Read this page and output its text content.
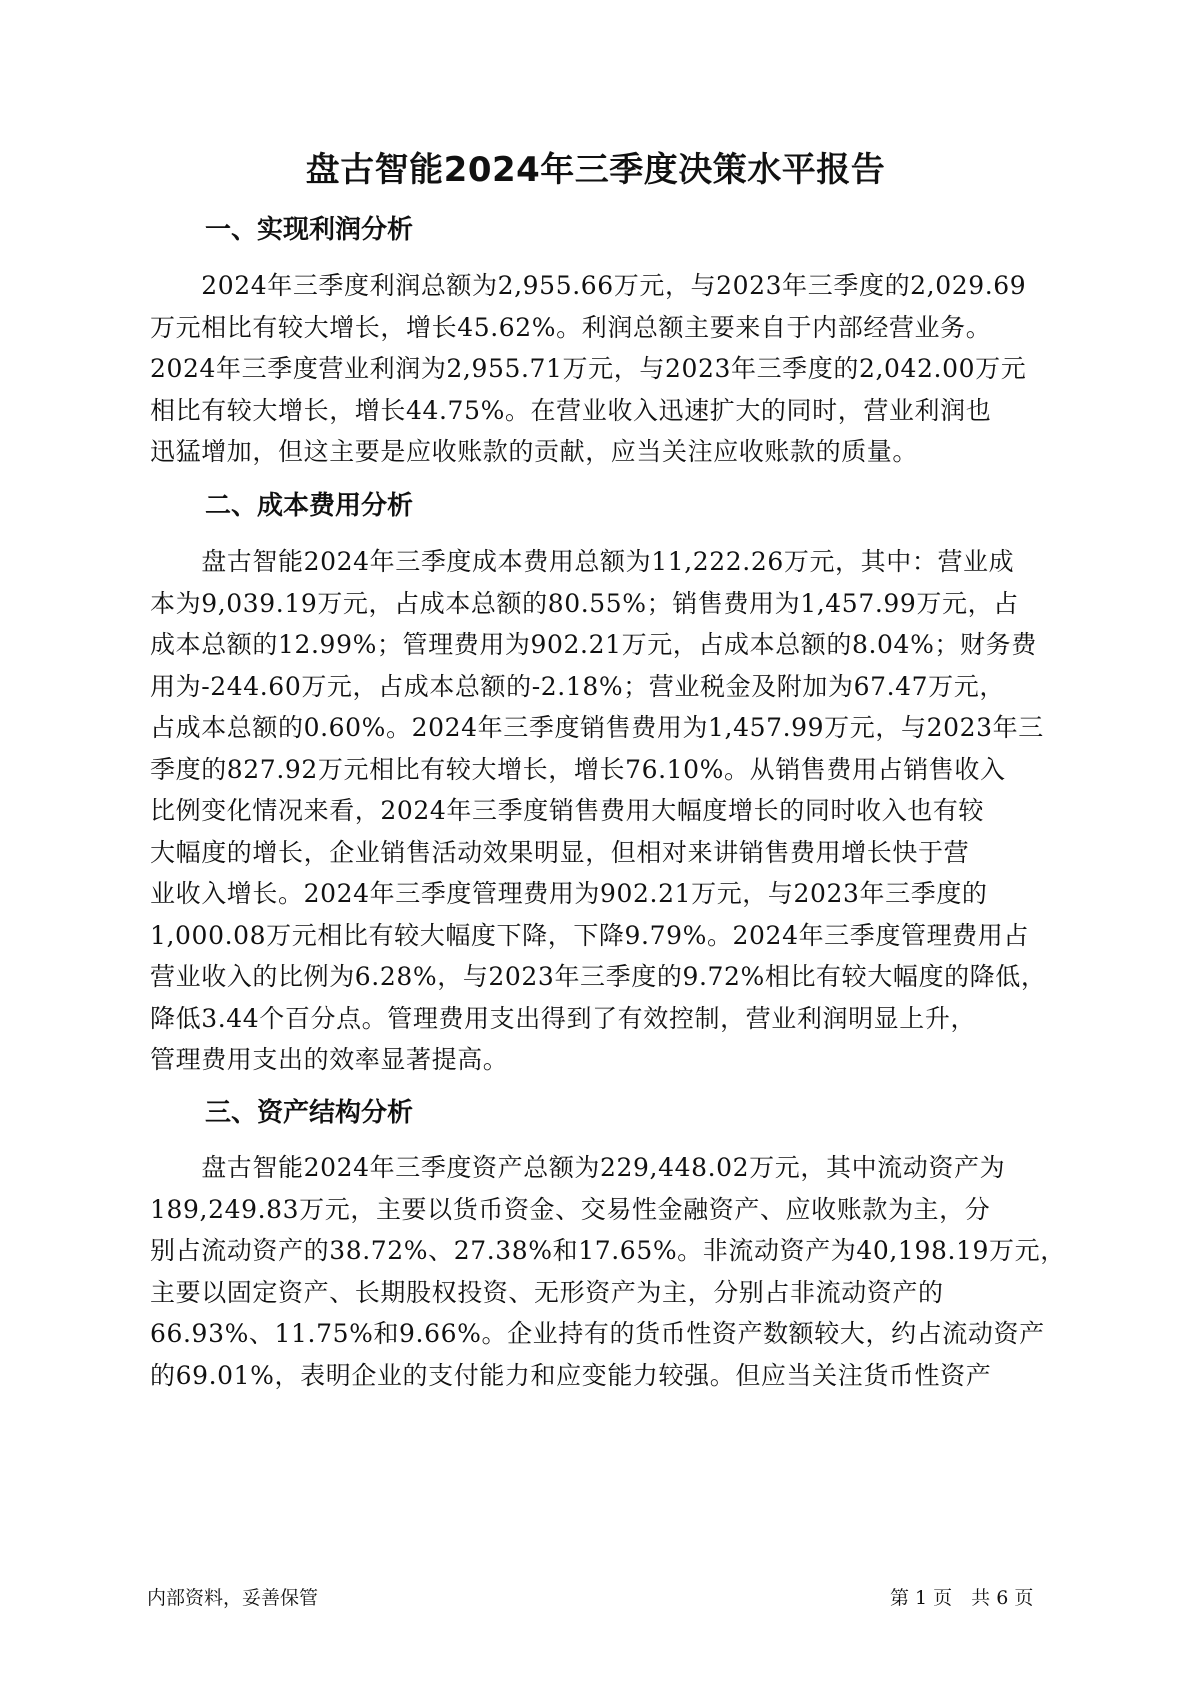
盘古智能2024年三季度决策水平报告
一、实现利润分析
　　2024年三季度利润总额为2,955.66万元，与2023年三季度的2,029.69
万元相比有较大增长，增长45.62%。利润总额主要来自于内部经营业务。
2024年三季度营业利润为2,955.71万元，与2023年三季度的2,042.00万元
相比有较大增长，增长44.75%。在营业收入迅速扩大的同时，营业利润也
迅猛增加，但这主要是应收账款的贡献，应当关注应收账款的质量。
二、成本费用分析
　　盘古智能2024年三季度成本费用总额为11,222.26万元，其中：营业成
本为9,039.19万元，占成本总额的80.55%；销售费用为1,457.99万元，占
成本总额的12.99%；管理费用为902.21万元，占成本总额的8.04%；财务费
用为-244.60万元，占成本总额的-2.18%；营业税金及附加为67.47万元，
占成本总额的0.60%。2024年三季度销售费用为1,457.99万元，与2023年三
季度的827.92万元相比有较大增长，增长76.10%。从销售费用占销售收入
比例变化情况来看，2024年三季度销售费用大幅度增长的同时收入也有较
大幅度的增长，企业销售活动效果明显，但相对来讲销售费用增长快于营
业收入增长。2024年三季度管理费用为902.21万元，与2023年三季度的
1,000.08万元相比有较大幅度下降，下降9.79%。2024年三季度管理费用占
营业收入的比例为6.28%，与2023年三季度的9.72%相比有较大幅度的降低，
降低3.44个百分点。管理费用支出得到了有效控制，营业利润明显上升，
管理费用支出的效率显著提高。
三、资产结构分析
　　盘古智能2024年三季度资产总额为229,448.02万元，其中流动资产为
189,249.83万元，主要以货币资金、交易性金融资产、应收账款为主，分
别占流动资产的38.72%、27.38%和17.65%。非流动资产为40,198.19万元，
主要以固定资产、长期股权投资、无形资产为主，分别占非流动资产的
66.93%、11.75%和9.66%。企业持有的货币性资产数额较大，约占流动资产
的69.01%，表明企业的支付能力和应变能力较强。但应当关注货币性资产
内部资料，妥善保管	第 1 页　共 6 页
